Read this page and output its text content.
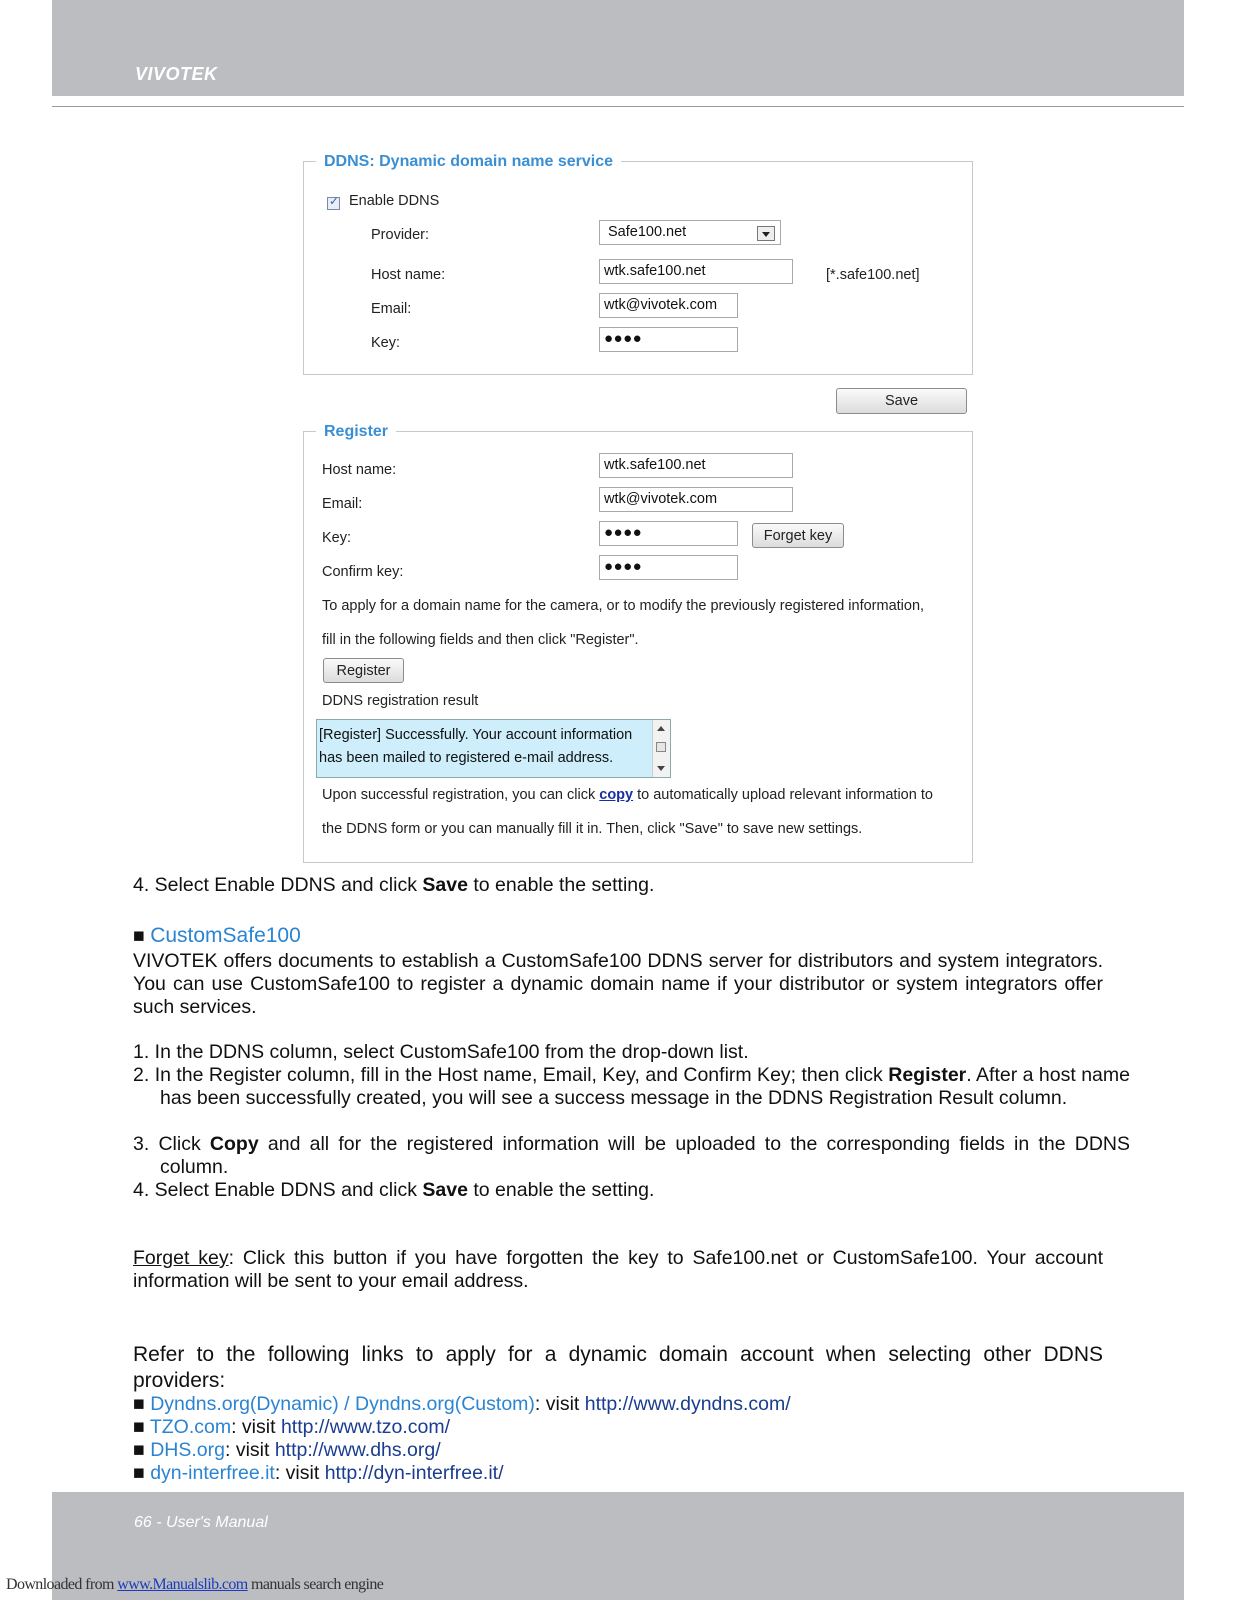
VIVOTEK
DDNS: Dynamic domain name service
✓
Enable DDNS
Provider:	Safe100.net
Host name:	wtk.safe100.net	[*.safe100.net]
Email:	wtk@vivotek.com
Key:	●●●●
Save
Register
Host name:	wtk.safe100.net
Email:	wtk@vivotek.com
Key:	●●●●	Forget key
Confirm key:	●●●●
To apply for a domain name for the camera, or to modify the previously registered information,
fill in the following fields and then click "Register".
Register
DDNS registration result
[Register] Successfully. Your account information has been mailed to registered e-mail address.
Upon successful registration, you can click copy to automatically upload relevant information to
the DDNS form or you can manually fill it in. Then, click "Save" to save new settings.
4. Select Enable DDNS and click Save to enable the setting.
■ CustomSafe100
VIVOTEK offers documents to establish a CustomSafe100 DDNS server for distributors and system integrators. You can use CustomSafe100 to register a dynamic domain name if your distributor or system integrators offer such services.
1. In the DDNS column, select CustomSafe100 from the drop-down list.
2. In the Register column, fill in the Host name, Email, Key, and Confirm Key; then click Register. After a host name has been successfully created, you will see a success message in the DDNS Registration Result column.
3. Click Copy and all for the registered information will be uploaded to the corresponding fields in the DDNS column.
4. Select Enable DDNS and click Save to enable the setting.
Forget key: Click this button if you have forgotten the key to Safe100.net or CustomSafe100. Your account information will be sent to your email address.
Refer to the following links to apply for a dynamic domain account when selecting other DDNS providers:
■ Dyndns.org(Dynamic) / Dyndns.org(Custom): visit http://www.dyndns.com/
■ TZO.com: visit http://www.tzo.com/
■ DHS.org: visit http://www.dhs.org/
■ dyn-interfree.it: visit http://dyn-interfree.it/
66 - User's Manual
Downloaded from www.Manualslib.com manuals search engine
